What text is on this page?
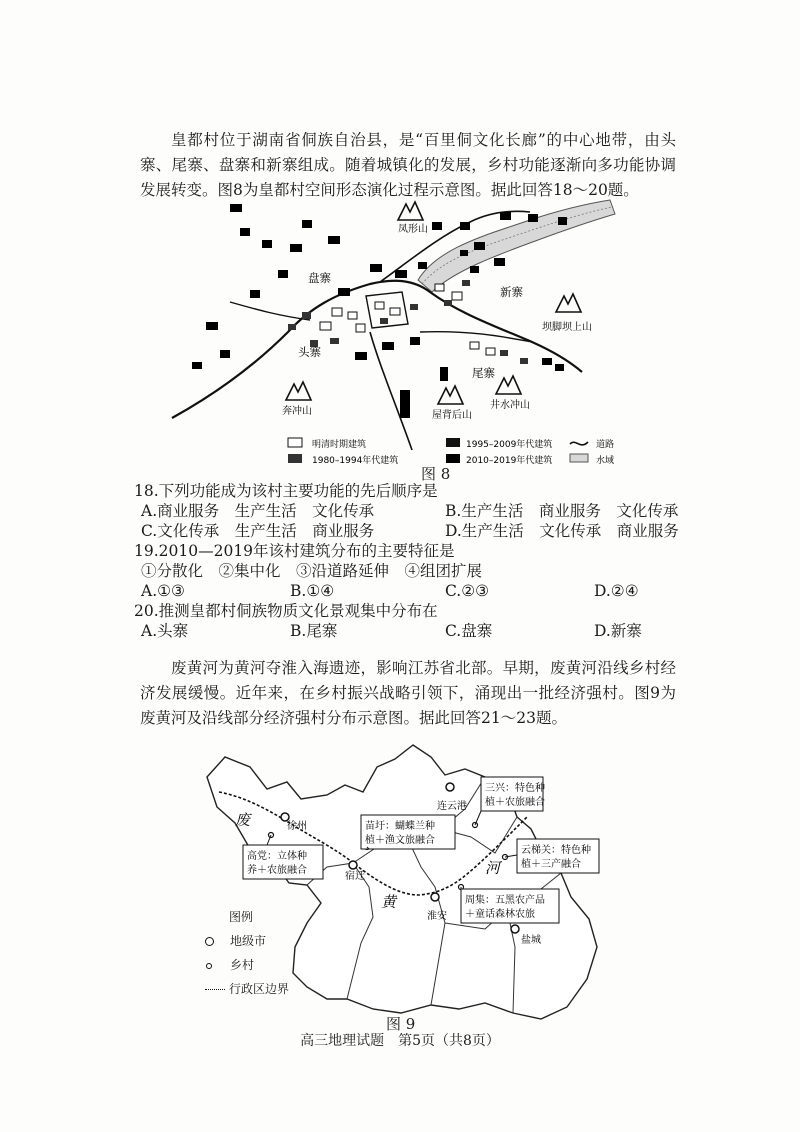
皇都村位于湖南省侗族自治县，是“百里侗文化长廊”的中心地带，由头寨、尾寨、盘寨和新寨组成。随着城镇化的发展，乡村功能逐渐向多功能协调发展转变。图8为皇都村空间形态演化过程示意图。据此回答18～20题。
凤形山
盘寨
新寨
坝脚坝上山
头寨
尾寨
奔冲山	屋背后山
井水冲山
明清时期建筑
1980–1994年代建筑
1995–2009年代建筑
2010–2019年代建筑
道路
水域
图 8
18.下列功能成为该村主要功能的先后顺序是
A.商业服务　生产生活　文化传承	B.生产生活　商业服务　文化传承
C.文化传承　生产生活　商业服务	D.生产生活　文化传承　商业服务
19.2010—2019年该村建筑分布的主要特征是
①分散化　②集中化　③沿道路延伸　④组团扩展
A.①③	B.①④	C.②③	D.②④
20.推测皇都村侗族物质文化景观集中分布在
A.头寨	B.尾寨	C.盘寨	D.新寨
废黄河为黄河夺淮入海遗迹，影响江苏省北部。早期，废黄河沿线乡村经济发展缓慢。近年来，在乡村振兴战略引领下，涌现出一批经济强村。图9为废黄河及沿线部分经济强村分布示意图。据此回答21～23题。
废
黄
河
连云港
徐州
宿迁
淮安
盐城
三兴：特色种
植＋农旅融合
苗圩：蝴蝶兰种
植＋渔文旅融合
云梯关：特色种
植＋三产融合
高党：立体种
养＋农旅融合
周集：五黑农产品
＋童话森林农旅
图例
地级市
乡村
行政区边界
图 9
高三地理试题　第5页（共8页）
